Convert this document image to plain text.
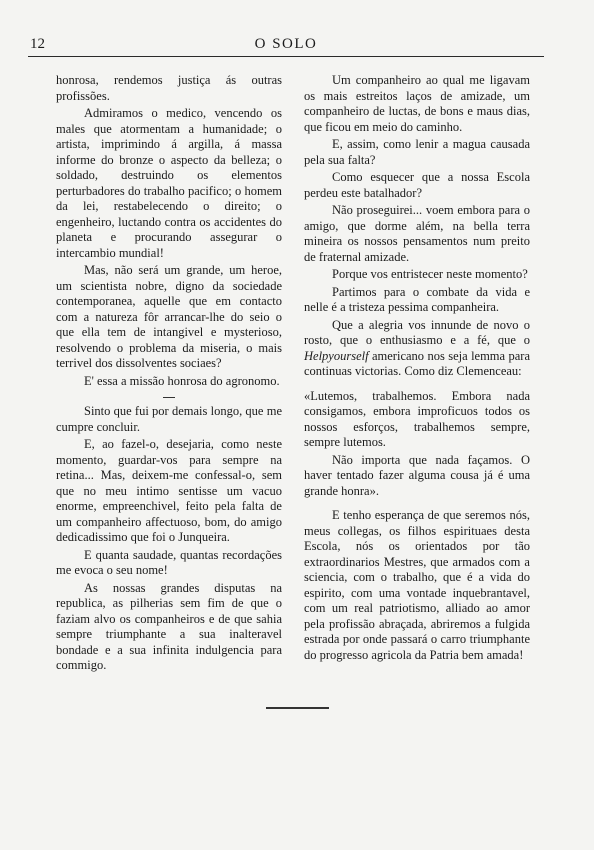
12	O SOLO

honrosa, rendemos justiça ás outras profissões.

Admiramos o medico, vencendo os males que atormentam a humanidade; o artista, imprimindo á argilla, á massa informe do bronze o aspecto da belleza; o soldado, destruindo os elementos perturbadores do trabalho pacifico; o homem da lei, restabelecendo o direito; o engenheiro, luctando contra os accidentes do planeta e procurando assegurar o intercambio mundial!

Mas, não será um grande, um heroe, um scientista nobre, digno da sociedade contemporanea, aquelle que em contacto com a natureza fôr arrancar-lhe do seio o que ella tem de intangivel e mysterioso, resolvendo o problema da miseria, o mais terrivel dos dissolventes sociaes?

E' essa a missão honrosa do agronomo.

Sinto que fui por demais longo, que me cumpre concluir.

E, ao fazel-o, desejaria, como neste momento, guardar-vos para sempre na retina... Mas, deixem-me confessal-o, sem que no meu intimo sentisse um vacuo enorme, empreenchivel, feito pela falta de um companheiro affectuoso, bom, do amigo dedicadissimo que foi o Junqueira.

E quanta saudade, quantas recordações me evoca o seu nome!

As nossas grandes disputas na republica, as pilherias sem fim de que o faziam alvo os companheiros e de que sahia sempre triumphante a sua inalteravel bondade e a sua infinita indulgencia para commigo.

Um companheiro ao qual me ligavam os mais estreitos laços de amizade, um companheiro de luctas, de bons e maus dias, que ficou em meio do caminho.

E, assim, como lenir a magua causada pela sua falta?

Como esquecer que a nossa Escola perdeu este batalhador?

Não proseguirei... voem embora para o amigo, que dorme além, na bella terra mineira os nossos pensamentos num preito de fraternal amizade.

Porque vos entristecer neste momento?

Partimos para o combate da vida e nelle é a tristeza pessima companheira.

Que a alegria vos innunde de novo o rosto, que o enthusiasmo e a fé, que o Helpyourself americano nos seja lemma para continuas victorias. Como diz Clemenceau:

«Lutemos, trabalhemos. Embora nada consigamos, embora improficuos todos os nossos esforços, trabalhemos sempre, sempre lutemos.

Não importa que nada façamos. O haver tentado fazer alguma cousa já é uma grande honra».

E tenho esperança de que seremos nós, meus collegas, os filhos espirituaes desta Escola, nós os orientados por tão extraordinarios Mestres, que armados com a sciencia, com o trabalho, que é a vida do espirito, com uma vontade inquebrantavel, com um real patriotismo, alliado ao amor pela profissão abraçada, abriremos a fulgida estrada por onde passará o carro triumphante do progresso agricola da Patria bem amada!
